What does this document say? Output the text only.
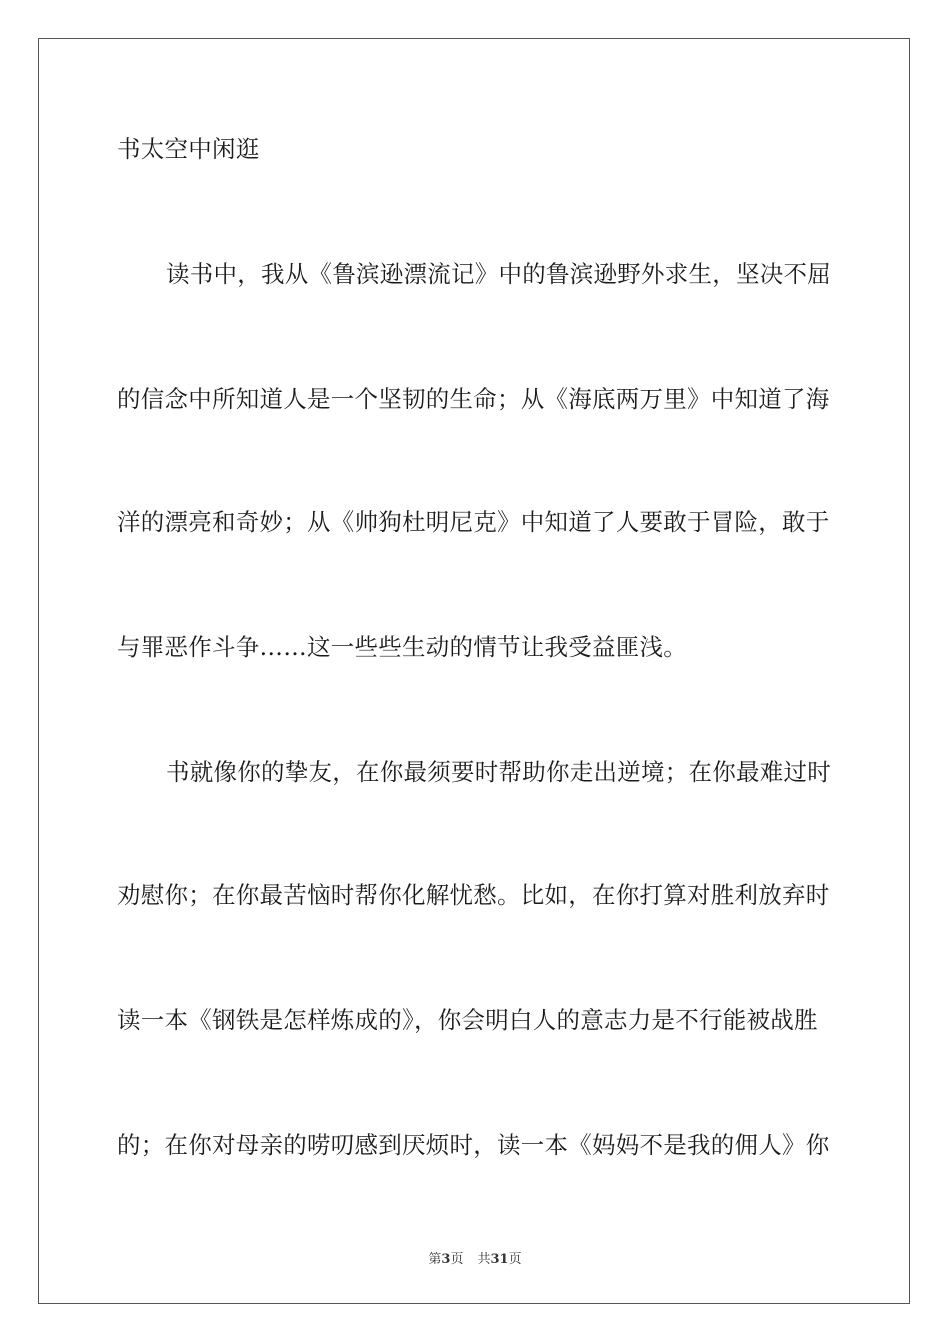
书太空中闲逛
读书中，我从《鲁滨逊漂流记》中的鲁滨逊野外求生，坚决不屈
的信念中所知道人是一个坚韧的生命；从《海底两万里》中知道了海
洋的漂亮和奇妙；从《帅狗杜明尼克》中知道了人要敢于冒险，敢于
与罪恶作斗争……这一些些生动的情节让我受益匪浅。
书就像你的挚友，在你最须要时帮助你走出逆境；在你最难过时
劝慰你；在你最苦恼时帮你化解忧愁。比如，在你打算对胜利放弃时
读一本《钢铁是怎样炼成的》，你会明白人的意志力是不行能被战胜
的；在你对母亲的唠叨感到厌烦时，读一本《妈妈不是我的佣人》你
第3页 共31页
